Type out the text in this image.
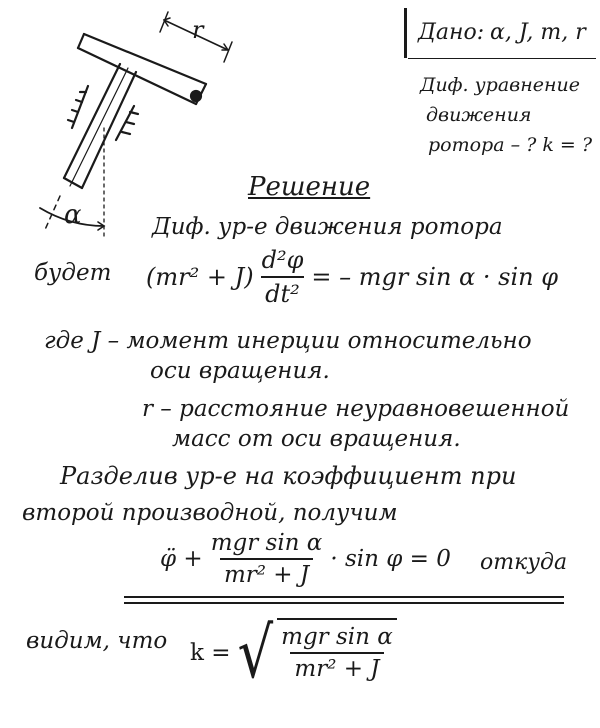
r
α
Дано: α, J, m, r
Диф. уравнение
движения
ротора – ? k = ?
Решение
Диф. ур-е движения ротора
будет $(mr^2 + J) \frac{\text{d²φ}}{\text{dt²}}$ = – mgr sin α · sin φ
где J – момент инерции относительно
оси вращения.
r – расстояние неуравновешенной
масс от оси вращения.
Разделив ур-е на коэффициент при
второй производной, получим
φ̈ + $\frac{\text{mgr sin α}}{\text{mr² + J}} \cdot \sin \varphi = 0$ откуда
видим, что k = √ $\frac{\text{mgr sin α}}{\text{mr² + J}}$
